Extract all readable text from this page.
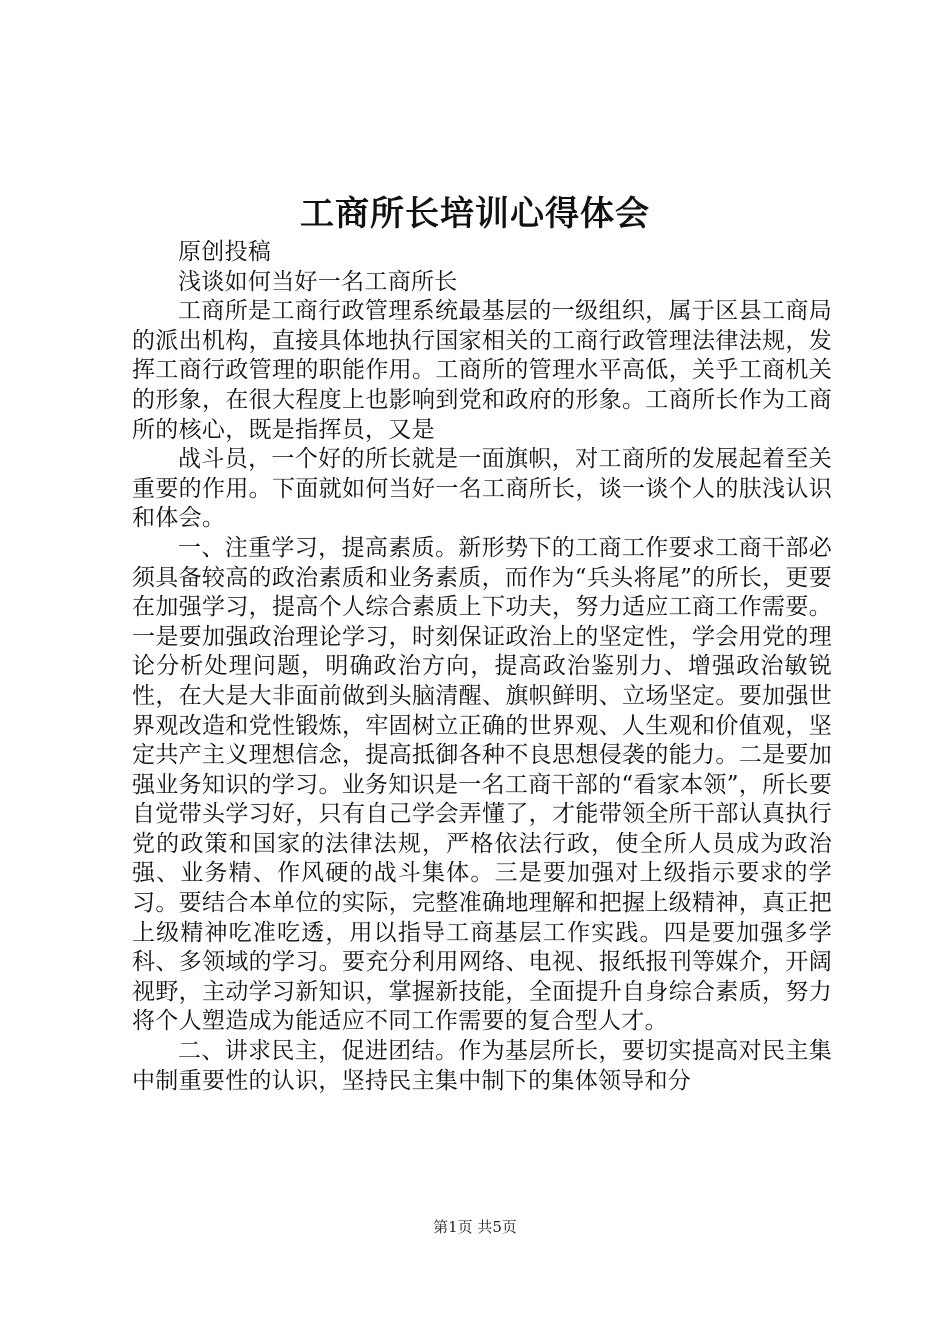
工商所长培训心得体会

原创投稿

浅谈如何当好一名工商所长

工商所是工商行政管理系统最基层的一级组织，属于区县工商局的派出机构，直接具体地执行国家相关的工商行政管理法律法规，发挥工商行政管理的职能作用。工商所的管理水平高低，关乎工商机关的形象，在很大程度上也影响到党和政府的形象。工商所长作为工商所的核心，既是指挥员，又是

战斗员，一个好的所长就是一面旗帜，对工商所的发展起着至关重要的作用。下面就如何当好一名工商所长，谈一谈个人的肤浅认识和体会。

一、注重学习，提高素质。新形势下的工商工作要求工商干部必须具备较高的政治素质和业务素质，而作为“兵头将尾”的所长，更要在加强学习，提高个人综合素质上下功夫，努力适应工商工作需要。一是要加强政治理论学习，时刻保证政治上的坚定性，学会用党的理论分析处理问题，明确政治方向，提高政治鉴别力、增强政治敏锐性，在大是大非面前做到头脑清醒、旗帜鲜明、立场坚定。要加强世界观改造和党性锻炼，牢固树立正确的世界观、人生观和价值观，坚定共产主义理想信念，提高抵御各种不良思想侵袭的能力。二是要加强业务知识的学习。业务知识是一名工商干部的“看家本领”，所长要自觉带头学习好，只有自己学会弄懂了，才能带领全所干部认真执行党的政策和国家的法律法规，严格依法行政，使全所人员成为政治强、业务精、作风硬的战斗集体。三是要加强对上级指示要求的学习。要结合本单位的实际，完整准确地理解和把握上级精神，真正把上级精神吃准吃透，用以指导工商基层工作实践。四是要加强多学科、多领域的学习。要充分利用网络、电视、报纸报刊等媒介，开阔视野，主动学习新知识，掌握新技能，全面提升自身综合素质，努力将个人塑造成为能适应不同工作需要的复合型人才。

二、讲求民主，促进团结。作为基层所长，要切实提高对民主集中制重要性的认识，坚持民主集中制下的集体领导和分

第1页 共5页
